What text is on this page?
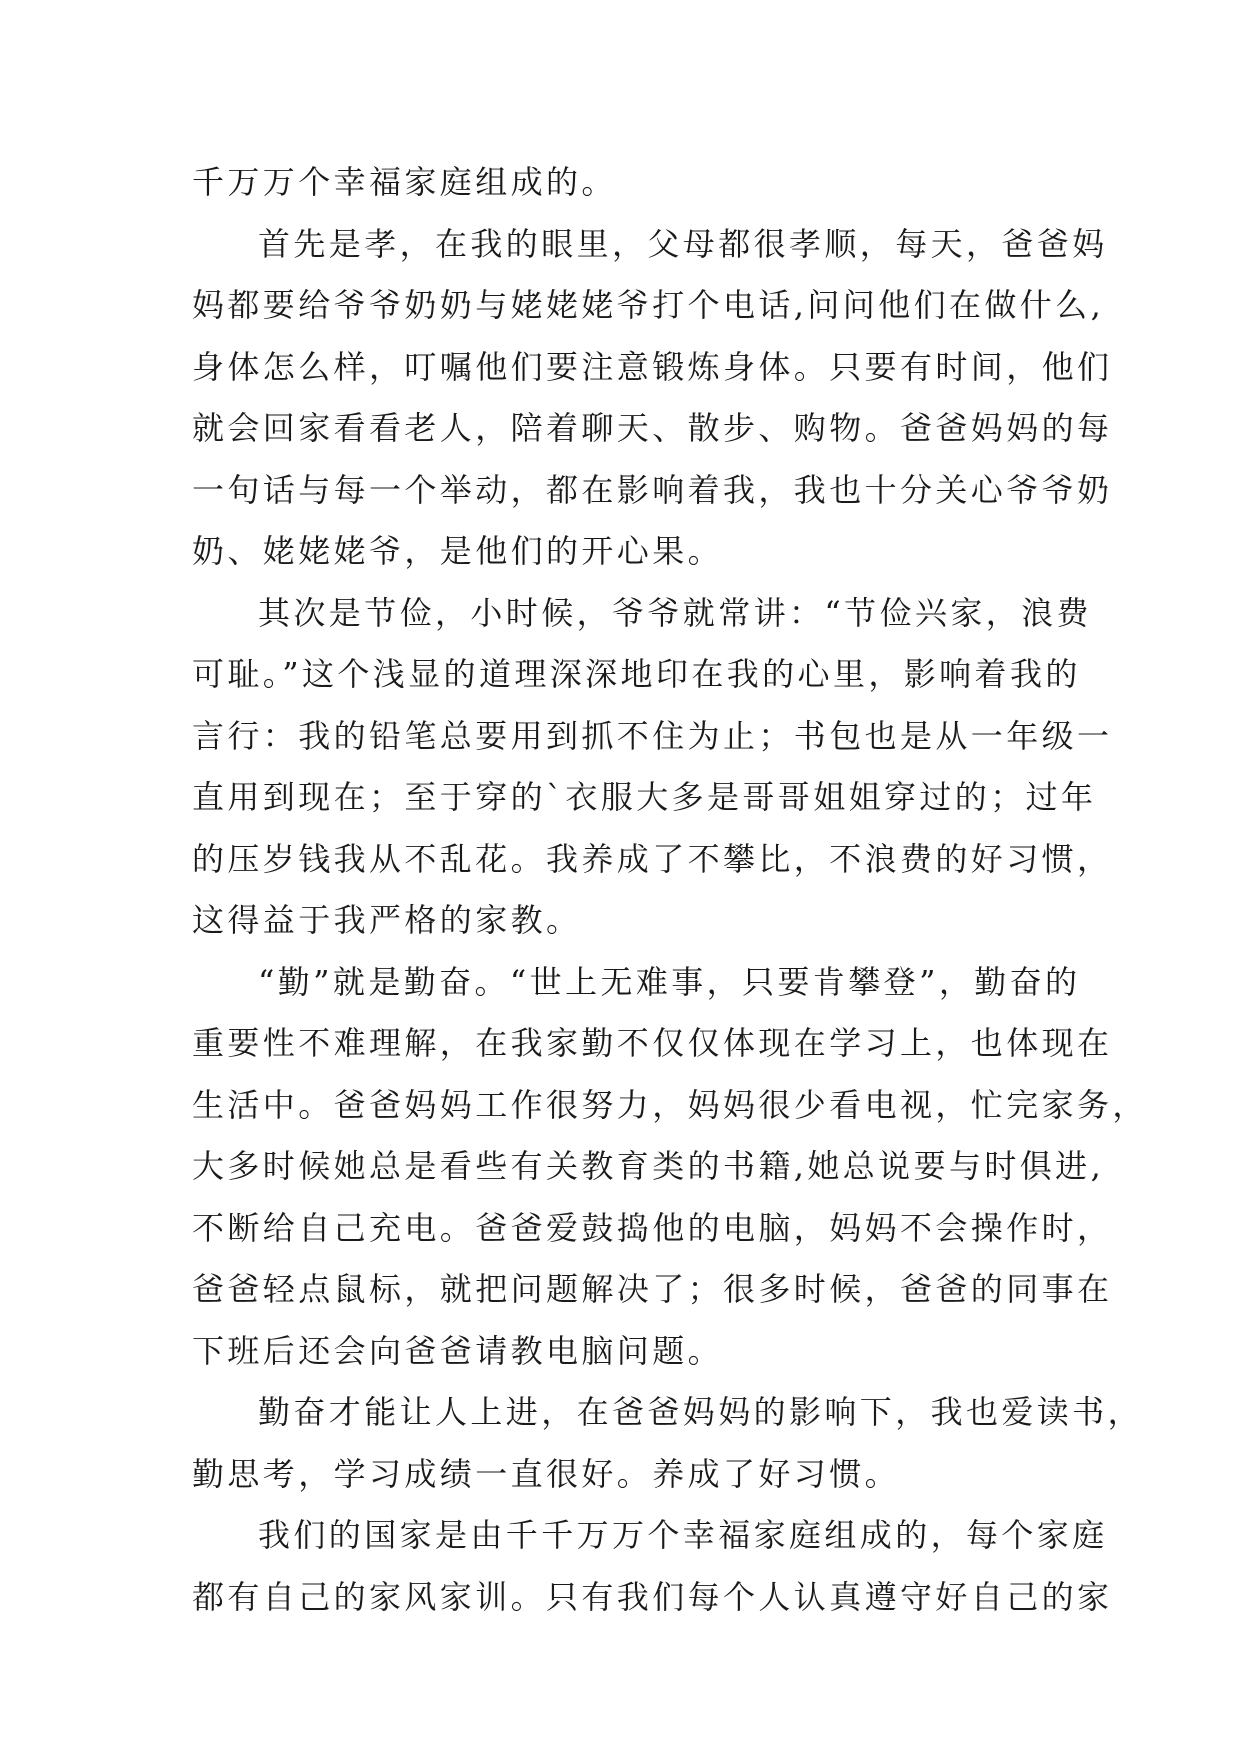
千万万个幸福家庭组成的。
首先是孝，在我的眼里，父母都很孝顺，每天，爸爸妈
妈都要给爷爷奶奶与姥姥姥爷打个电话,问问他们在做什么,
身体怎么样，叮嘱他们要注意锻炼身体。只要有时间，他们
就会回家看看老人，陪着聊天、散步、购物。爸爸妈妈的每
一句话与每一个举动，都在影响着我，我也十分关心爷爷奶
奶、姥姥姥爷，是他们的开心果。
其次是节俭，小时候，爷爷就常讲：“节俭兴家，浪费
可耻。”这个浅显的道理深深地印在我的心里，影响着我的
言行：我的铅笔总要用到抓不住为止；书包也是从一年级一
直用到现在；至于穿的`衣服大多是哥哥姐姐穿过的；过年
的压岁钱我从不乱花。我养成了不攀比，不浪费的好习惯，
这得益于我严格的家教。
“勤”就是勤奋。“世上无难事，只要肯攀登”，勤奋的
重要性不难理解，在我家勤不仅仅体现在学习上，也体现在
生活中。爸爸妈妈工作很努力，妈妈很少看电视，忙完家务，
大多时候她总是看些有关教育类的书籍,她总说要与时俱进,
不断给自己充电。爸爸爱鼓捣他的电脑，妈妈不会操作时，
爸爸轻点鼠标，就把问题解决了；很多时候，爸爸的同事在
下班后还会向爸爸请教电脑问题。
勤奋才能让人上进，在爸爸妈妈的影响下，我也爱读书，
勤思考，学习成绩一直很好。养成了好习惯。
我们的国家是由千千万万个幸福家庭组成的，每个家庭
都有自己的家风家训。只有我们每个人认真遵守好自己的家
